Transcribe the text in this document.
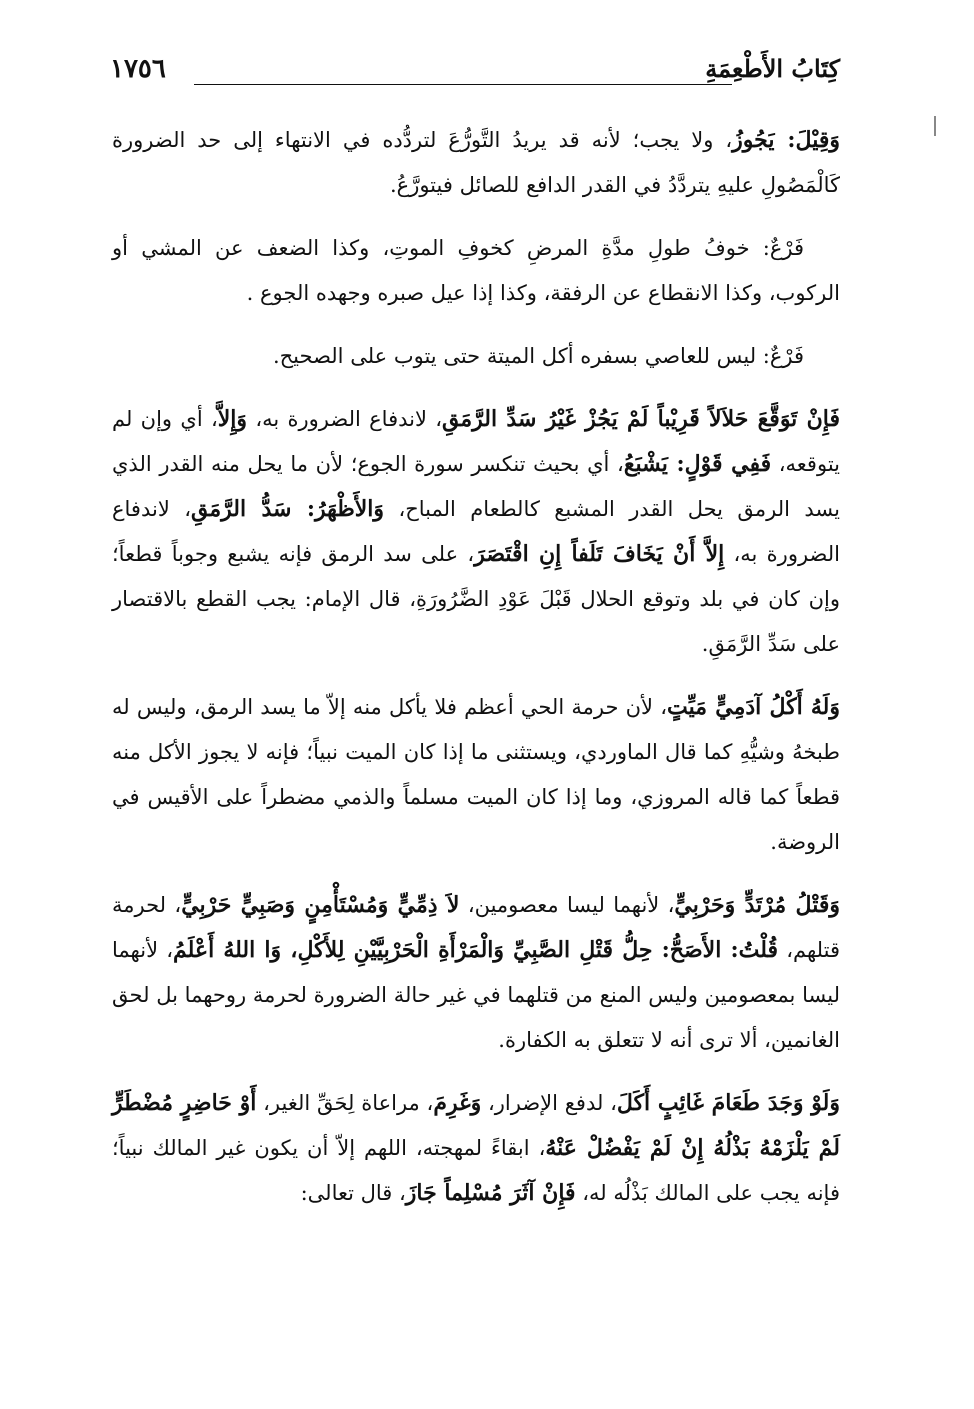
١٧٥٦	كِتَابُ الأَطْعِمَةِ

وَقِيْلَ: يَجُوزُ، ولا يجب؛ لأنه قد يريدُ التَّورُّعَ لتردُّده في الانتهاء إلى حد الضرورة كَالْمَصُولِ عليهِ يتردَّدُ في القدر الدافع للصائل فيتورَّعُ.

فَرْعٌ: خوفُ طولِ مدَّةِ المرضِ كخوفِ الموتِ، وكذا الضعف عن المشي أو الركوب، وكذا الانقطاع عن الرفقة، وكذا إذا عيل صبره وجهده الجوع .

فَرْعٌ: ليس للعاصي بسفره أكل الميتة حتى يتوب على الصحيح.

فَإِنْ تَوَقَّعَ حَلاَلاً قَرِيْباً لَمْ يَجُزْ غَيْرُ سَدِّ الرَّمَقِ، لاندفاع الضرورة به، وَإِلاَّ، أي وإن لم يتوقعه، فَفِي قَوْلٍ: يَشْبَعُ، أي بحيث تنكسر سورة الجوع؛ لأن ما يحل منه القدر الذي يسد الرمق يحل القدر المشبع كالطعام المباح، وَالأَظْهَرُ: سَدُّ الرَّمَقِ، لاندفاع الضرورة به، إِلاَّ أَنْ يَخَافَ تَلَفاً إِنِ اقْتَصَرَ، على سد الرمق فإنه يشبع وجوباً قطعاً؛ وإن كان في بلد وتوقع الحلال قَبْلَ عَوْدِ الضَّرُورَةِ، قال الإمام: يجب القطع بالاقتصار على سَدِّ الرَّمَقِ.

وَلَهُ أَكْلُ آدَمِيٍّ مَيِّتٍ، لأن حرمة الحي أعظم فلا يأكل منه إلاّ ما يسد الرمق، وليس له طبخهُ وشيُّهِ كما قال الماوردي، ويستثنى ما إذا كان الميت نبياً؛ فإنه لا يجوز الأكل منه قطعاً كما قاله المروزي، وما إذا كان الميت مسلماً والذمي مضطراً على الأقيس في الروضة.

وَقَتْلُ مُرْتَدٍّ وَحَرْبِيٍّ، لأنهما ليسا معصومين، لاَ ذِمِّيٍّ وَمُسْتَأْمِنٍ وَصَبِيٍّ حَرْبِيٍّ، لحرمة قتلهم، قُلْتُ: الأَصَحُّ: حِلُّ قَتْلِ الصَّبِيِّ وَالْمَرْأَةِ الْحَرْبِيَّيْنِ لِلأَكْلِ، وَا اللهُ أَعْلَمُ، لأنهما ليسا بمعصومين وليس المنع من قتلهما في غير حالة الضرورة لحرمة روحهما بل لحق الغانمين، ألا ترى أنه لا تتعلق به الكفارة.

وَلَوْ وَجَدَ طَعَامَ غَائِبٍ أَكَلَ، لدفع الإضرار، وَغَرِمَ، مراعاة لِحَقِّ الغير، أَوْ حَاضِرٍ مُضْطَرٍّ لَمْ يَلْزَمْهُ بَذْلُهُ إِنْ لَمْ يَفْضُلْ عَنْهُ، ابقاءً لمهجته، اللهم إلاّ أن يكون غير المالك نبياً؛ فإنه يجب على المالك بَذْلُه له، فَإِنْ آثَرَ مُسْلِماً جَازَ، قال تعالى:
